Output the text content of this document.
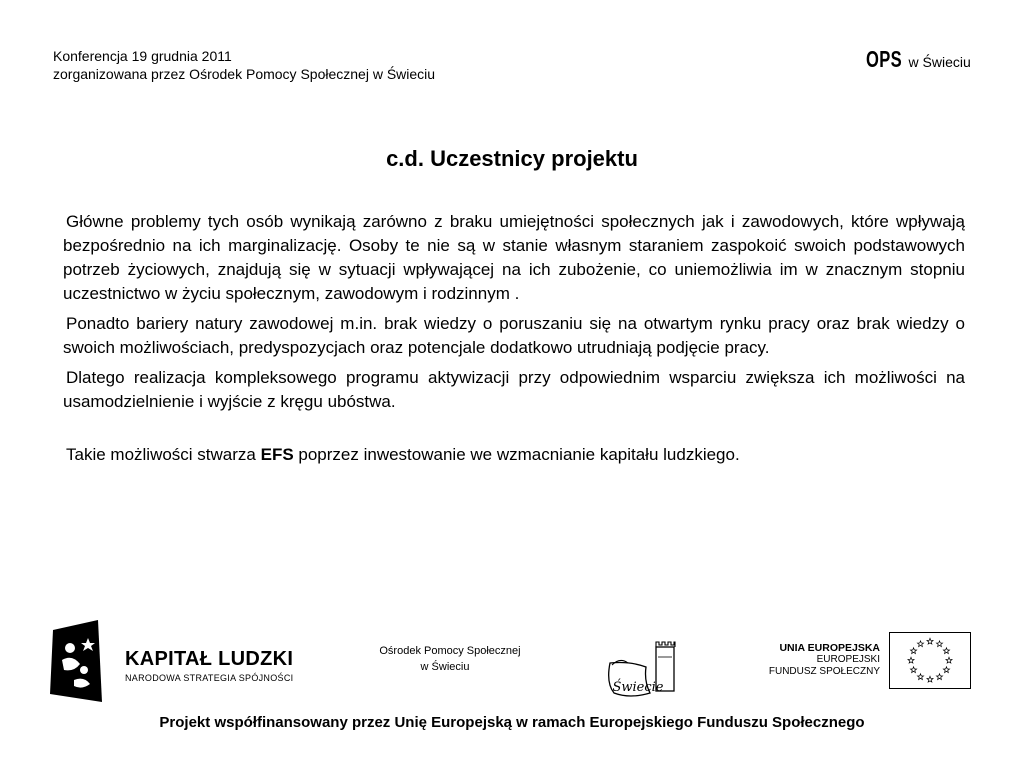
Konferencja 19 grudnia 2011
zorganizowana przez Ośrodek Pomocy Społecznej w Świeciu
OPS w Świeciu
c.d. Uczestnicy projektu

Główne problemy tych osób wynikają zarówno z braku umiejętności społecznych jak i zawodowych, które wpływają bezpośrednio na ich marginalizację. Osoby te nie są w stanie własnym staraniem zaspokoić swoich podstawowych potrzeb życiowych, znajdują się w sytuacji wpływającej na ich zubożenie, co uniemożliwia im w znacznym stopniu uczestnictwo w życiu społecznym, zawodowym i rodzinnym .

Ponadto bariery natury zawodowej m.in. brak wiedzy o poruszaniu się na otwartym rynku pracy oraz brak wiedzy o swoich możliwościach, predyspozycjach oraz potencjale dodatkowo utrudniają podjęcie pracy.

Dlatego realizacja kompleksowego programu aktywizacji przy odpowiednim wsparciu zwiększa ich możliwości na usamodzielnienie i wyjście z kręgu ubóstwa.

Takie możliwości stwarza EFS poprzez inwestowanie we wzmacnianie kapitału ludzkiego.

KAPITAŁ LUDZKI
NARODOWA STRATEGIA SPÓJNOŚCI
Ośrodek Pomocy Społecznej
w Świeciu
Świecie
UNIA EUROPEJSKA
EUROPEJSKI
FUNDUSZ SPOŁECZNY
Projekt współfinansowany przez Unię Europejską w ramach Europejskiego Funduszu Społecznego
